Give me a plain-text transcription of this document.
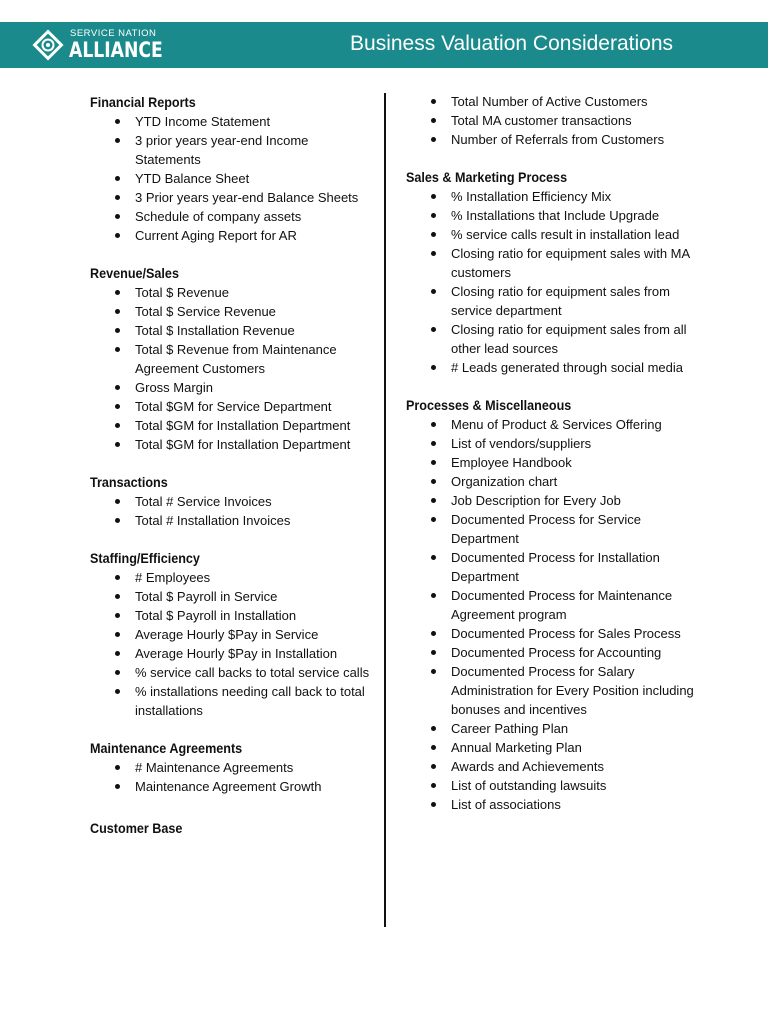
SERVICE NATION
ALLIANCE	Business Valuation Considerations
Financial Reports
YTD Income Statement
3 prior years year-end Income Statements
YTD Balance Sheet
3 Prior years year-end Balance Sheets
Schedule of company assets
Current Aging Report for AR
Revenue/Sales
Total $ Revenue
Total $ Service Revenue
Total $ Installation Revenue
Total $ Revenue from Maintenance Agreement Customers
Gross Margin
Total $GM for Service Department
Total $GM for Installation Department
Total $GM for Installation Department
Transactions
Total # Service Invoices
Total # Installation Invoices
Staffing/Efficiency
# Employees
Total $ Payroll in Service
Total $ Payroll in Installation
Average Hourly $Pay in Service
Average Hourly $Pay in Installation
% service call backs to total service calls
% installations needing call back to total installations
Maintenance Agreements
# Maintenance Agreements
Maintenance Agreement Growth
Customer Base
Total Number of Active Customers
Total MA customer transactions
Number of Referrals from Customers
Sales & Marketing Process
% Installation Efficiency Mix
% Installations that Include Upgrade
% service calls result in installation lead
Closing ratio for equipment sales with MA customers
Closing ratio for equipment sales from service department
Closing ratio for equipment sales from all other lead sources
# Leads generated through social media
Processes & Miscellaneous
Menu of Product & Services Offering
List of vendors/suppliers
Employee Handbook
Organization chart
Job Description for Every Job
Documented Process for Service Department
Documented Process for Installation Department
Documented Process for Maintenance Agreement program
Documented Process for Sales Process
Documented Process for Accounting
Documented Process for Salary Administration for Every Position including bonuses and incentives
Career Pathing Plan
Annual Marketing Plan
Awards and Achievements
List of outstanding lawsuits
List of associations
